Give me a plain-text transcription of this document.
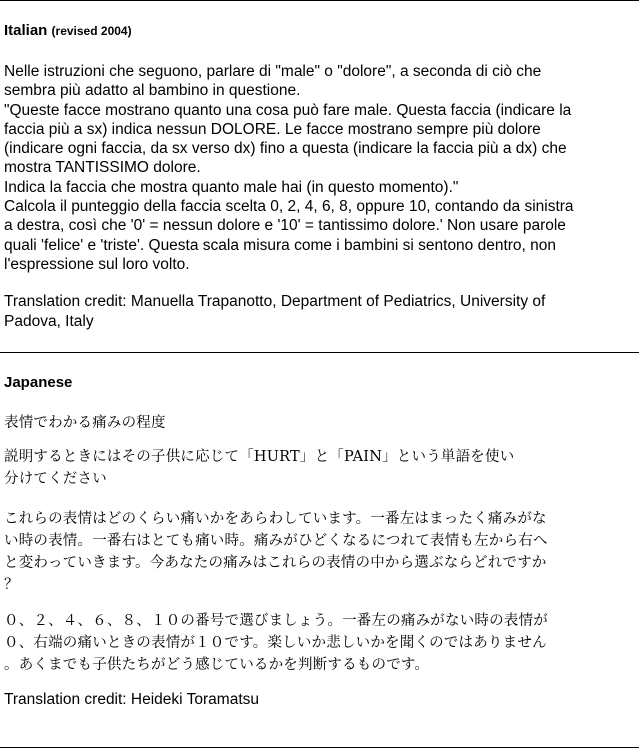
Italian (revised 2004)

Nelle istruzioni che seguono, parlare di "male" o "dolore", a seconda di ciò che
sembra più adatto al bambino in questione.
"Queste facce mostrano quanto una cosa può fare male. Questa faccia (indicare la
faccia più a sx) indica nessun DOLORE. Le facce mostrano sempre più dolore
(indicare ogni faccia, da sx verso dx) fino a questa (indicare la faccia più a dx) che
mostra TANTISSIMO dolore.
Indica la faccia che mostra quanto male hai (in questo momento)."
Calcola il punteggio della faccia scelta 0, 2, 4, 6, 8, oppure 10, contando da sinistra
a destra, così che '0' = nessun dolore e '10' = tantissimo dolore.' Non usare parole
quali 'felice' e 'triste'. Questa scala misura come i bambini si sentono dentro, non
l'espressione sul loro volto.
Translation credit: Manuella Trapanotto, Department of Pediatrics, University of
Padova, Italy

Japanese

表情でわかる痛みの程度
説明するときにはその子供に応じて「HURT」と「PAIN」という単語を使い
分けてください
これらの表情はどのくらい痛いかをあらわしています。一番左はまったく痛みがな
い時の表情。一番右はとても痛い時。痛みがひどくなるにつれて表情も左から右へ
と変わっていきます。今あなたの痛みはこれらの表情の中から選ぶならどれですか
？
０、２、４、６、８、１０の番号で選びましょう。一番左の痛みがない時の表情が
０、右端の痛いときの表情が１０です。楽しいか悲しいかを聞くのではありません
。あくまでも子供たちがどう感じているかを判断するものです。
Translation credit: Heideki Toramatsu
